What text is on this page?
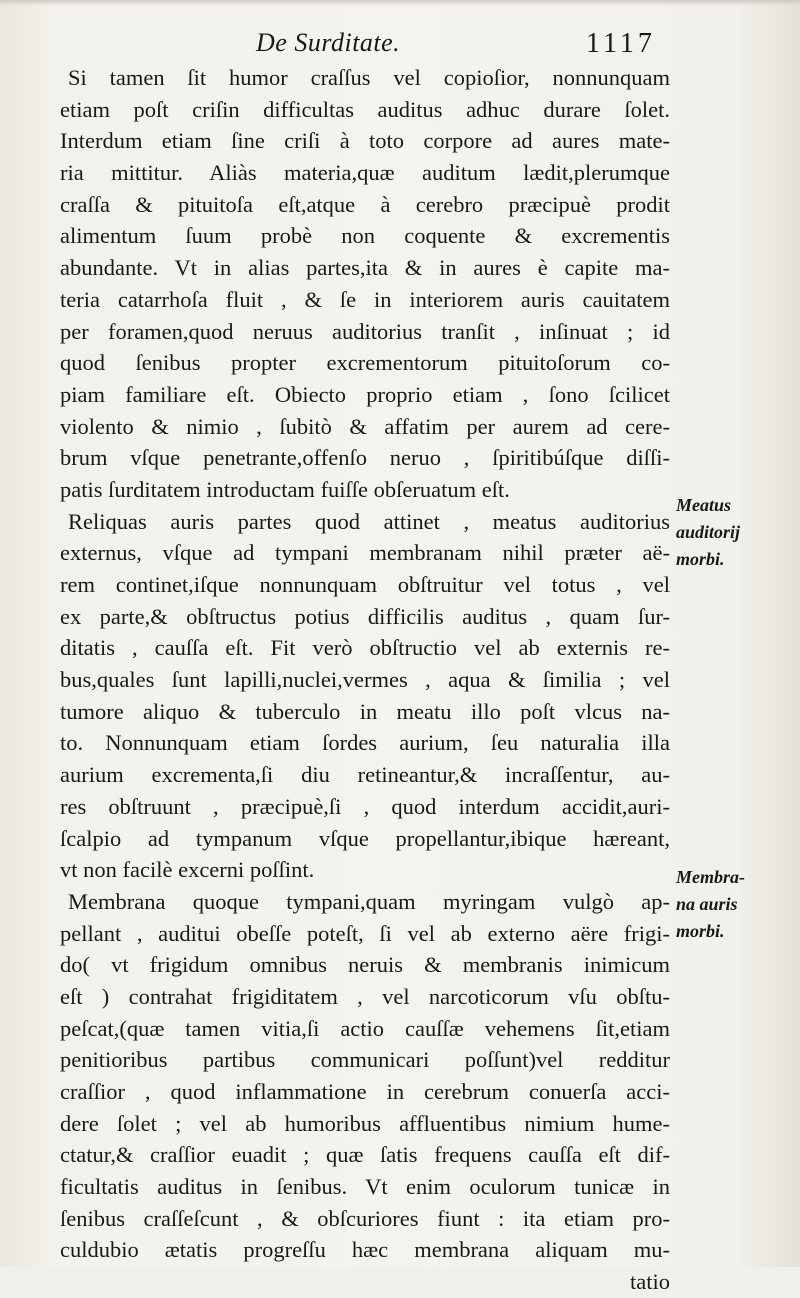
De Surditate.	1117
Si tamen ſit humor craſſus vel copioſior, nonnunquam
etiam poſt criſin difficultas auditus adhuc durare ſolet.
Interdum etiam ſine criſi à toto corpore ad aures mate-
ria mittitur. Aliàs materia,quæ auditum lædit,plerumque
craſſa & pituitoſa eſt,atque à cerebro præcipuè prodit
alimentum ſuum probè non coquente & excrementis
abundante. Vt in alias partes,ita & in aures è capite ma-
teria catarrhoſa fluit , & ſe in interiorem auris cauitatem
per foramen,quod neruus auditorius tranſit , inſinuat ; id
quod ſenibus propter excrementorum pituitoſorum co-
piam familiare eſt. Obiecto proprio etiam , ſono ſcilicet
violento & nimio , ſubitò & affatim per aurem ad cere-
brum vſque penetrante,offenſo neruo , ſpiritibúſque diſſi-
patis ſurditatem introductam fuiſſe obſeruatum eſt.
Reliquas auris partes quod attinet , meatus auditorius
externus, vſque ad tympani membranam nihil præter aë-
rem continet,iſque nonnunquam obſtruitur vel totus , vel
ex parte,& obſtructus potius difficilis auditus , quam ſur-
ditatis , cauſſa eſt. Fit verò obſtructio vel ab externis re-
bus,quales ſunt lapilli,nuclei,vermes , aqua & ſimilia ; vel
tumore aliquo & tuberculo in meatu illo poſt vlcus na-
to. Nonnunquam etiam ſordes aurium, ſeu naturalia illa
aurium excrementa,ſi diu retineantur,& incraſſentur, au-
res obſtruunt , præcipuè,ſi , quod interdum accidit,auri-
ſcalpio ad tympanum vſque propellantur,ibique hæreant,
vt non facilè excerni poſſint.
Membrana quoque tympani,quam myringam vulgò ap-
pellant , auditui obeſſe poteſt, ſi vel ab externo aëre frigi-
do( vt frigidum omnibus neruis & membranis inimicum
eſt ) contrahat frigiditatem , vel narcoticorum vſu obſtu-
peſcat,(quæ tamen vitia,ſi actio cauſſæ vehemens ſit,etiam
penitioribus partibus communicari poſſunt)vel redditur
craſſior , quod inflammatione in cerebrum conuerſa acci-
dere ſolet ; vel ab humoribus affluentibus nimium hume-
ctatur,& craſſior euadit ; quæ ſatis frequens cauſſa eſt dif-
ficultatis auditus in ſenibus. Vt enim oculorum tunicæ in
ſenibus craſſeſcunt , & obſcuriores fiunt : ita etiam pro-
culdubio ætatis progreſſu hæc membrana aliquam mu-
tatio
Meatus
auditorij
morbi.
Membra-
na auris
morbi.
